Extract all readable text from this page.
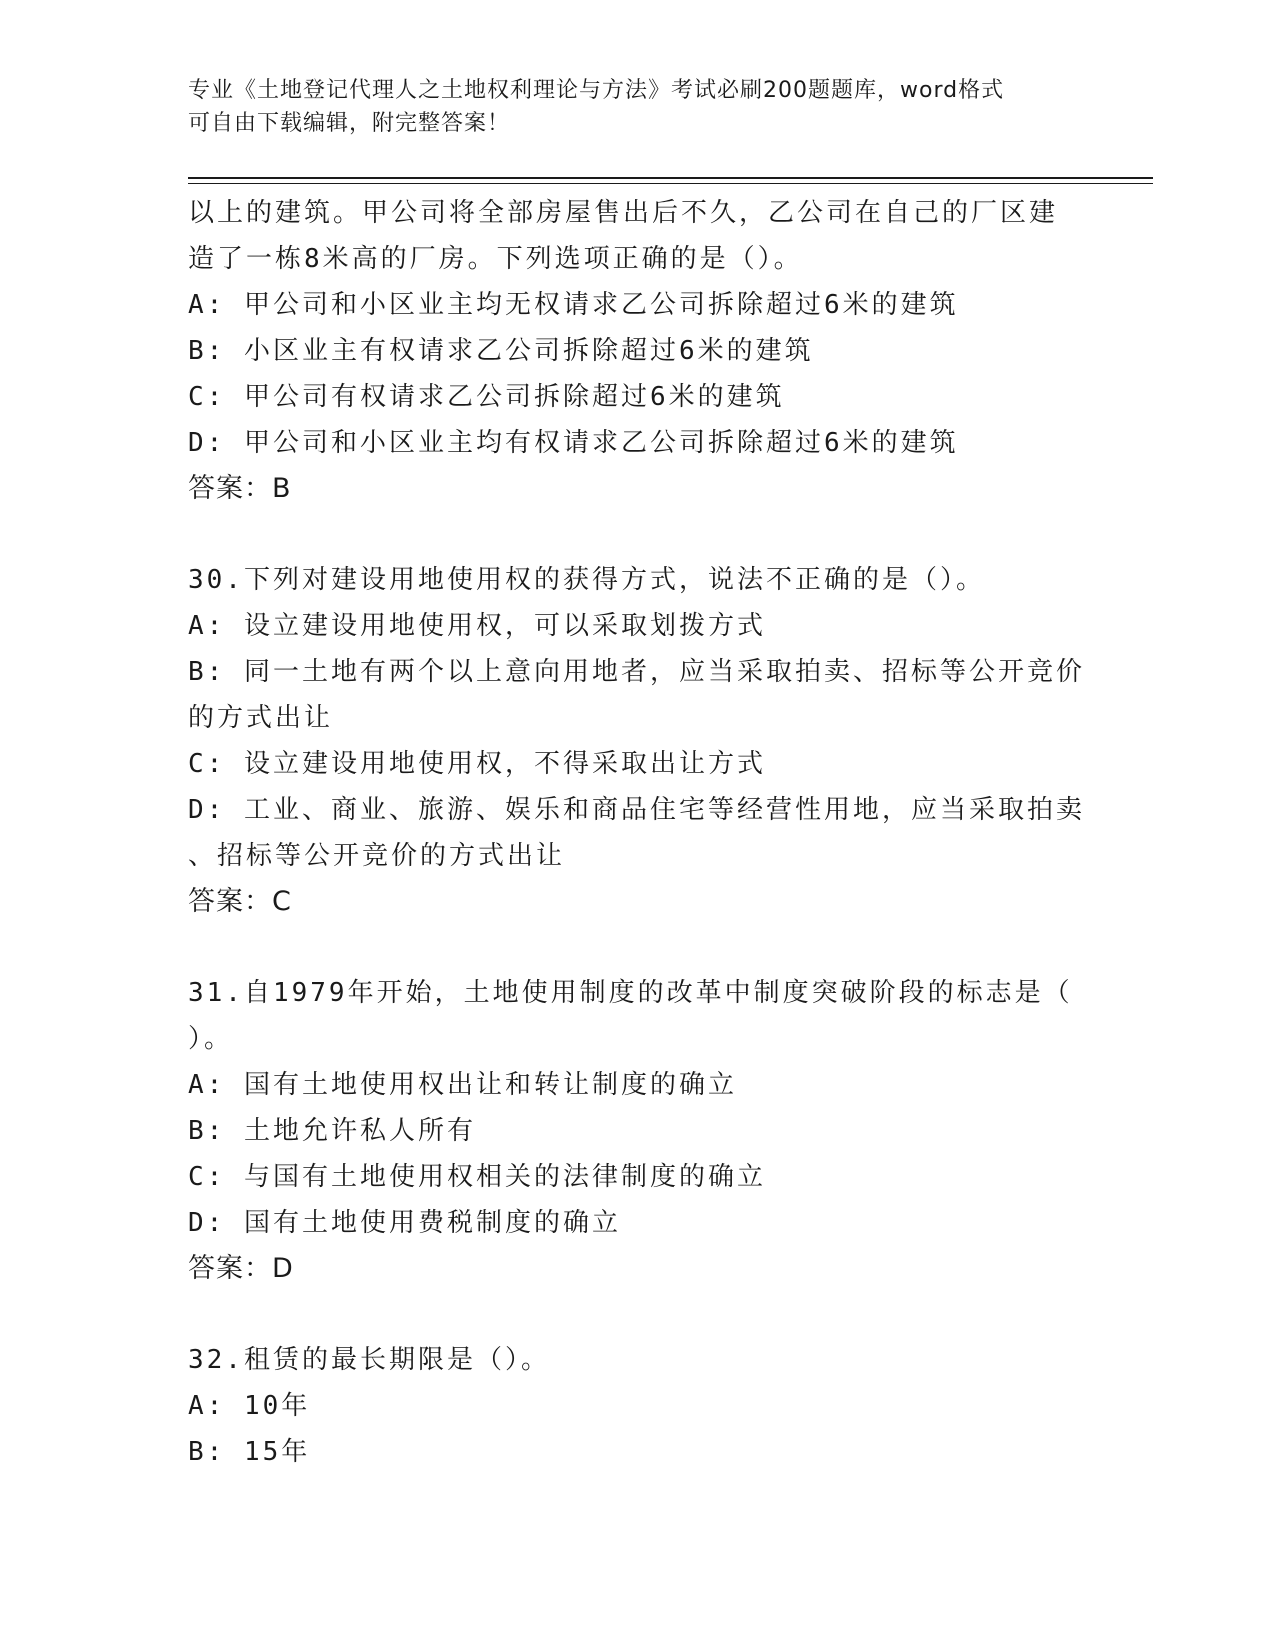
专业《土地登记代理人之土地权利理论与方法》考试必刷200题题库，word格式
可自由下载编辑，附完整答案！
以上的建筑。甲公司将全部房屋售出后不久，乙公司在自己的厂区建
造了一栋8米高的厂房。下列选项正确的是（）。
A: 甲公司和小区业主均无权请求乙公司拆除超过6米的建筑
B: 小区业主有权请求乙公司拆除超过6米的建筑
C: 甲公司有权请求乙公司拆除超过6米的建筑
D: 甲公司和小区业主均有权请求乙公司拆除超过6米的建筑
答案：B
30.下列对建设用地使用权的获得方式，说法不正确的是（）。
A: 设立建设用地使用权，可以采取划拨方式
B: 同一土地有两个以上意向用地者，应当采取拍卖、招标等公开竞价
的方式出让
C: 设立建设用地使用权，不得采取出让方式
D: 工业、商业、旅游、娱乐和商品住宅等经营性用地，应当采取拍卖
、招标等公开竞价的方式出让
答案：C
31.自1979年开始，土地使用制度的改革中制度突破阶段的标志是（
）。
A: 国有土地使用权出让和转让制度的确立
B: 土地允许私人所有
C: 与国有土地使用权相关的法律制度的确立
D: 国有土地使用费税制度的确立
答案：D
32.租赁的最长期限是（）。
A: 10年
B: 15年
